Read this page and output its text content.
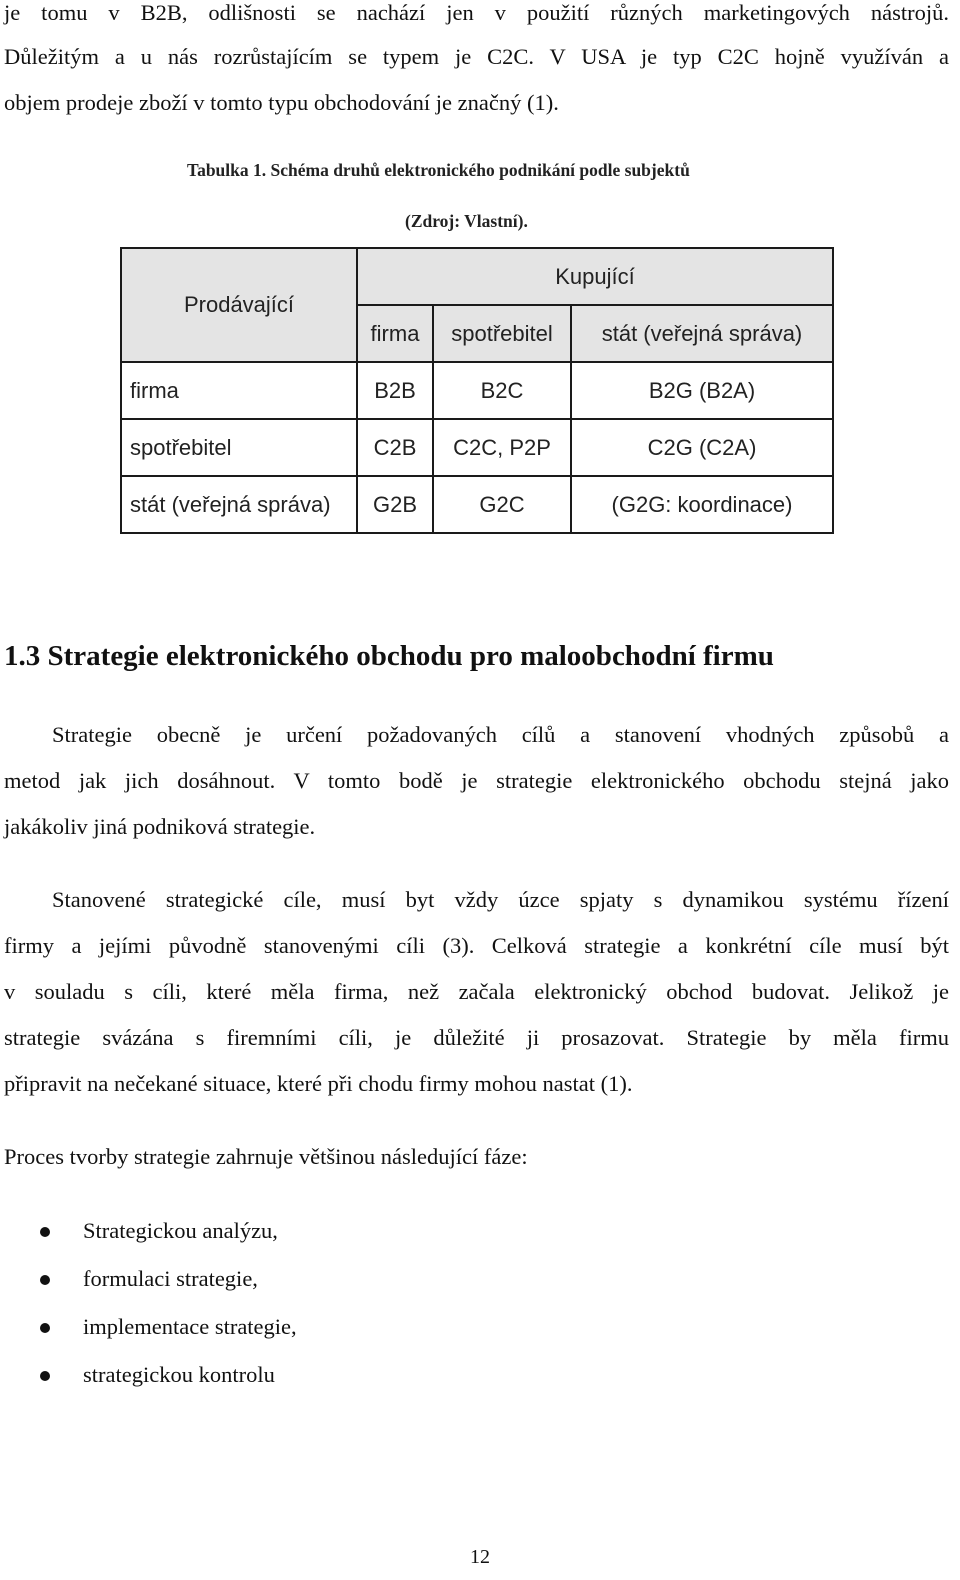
je tomu v B2B, odlišnosti se nachází jen v použití různých marketingových nástrojů.
Důležitým a u nás rozrůstajícím se typem je C2C. V USA je typ C2C hojně využíván a
objem prodeje zboží v tomto typu obchodování je značný (1).
Tabulka 1. Schéma druhů elektronického podnikání podle subjektů
(Zdroj: Vlastní).
Prodávající	Kupující			
	firma	spotřebitel	stát (veřejná správa)	
firma	B2B	B2C	B2G (B2A)	
spotřebitel	C2B	C2C, P2P	C2G (C2A)	
stát (veřejná správa)	G2B	G2C	(G2G: koordinace)	
1.3 Strategie elektronického obchodu pro maloobchodní firmu
Strategie obecně je určení požadovaných cílů a stanovení vhodných způsobů a
metod jak jich dosáhnout. V tomto bodě je strategie elektronického obchodu stejná jako
jakákoliv jiná podniková strategie.
Stanovené strategické cíle, musí byt vždy úzce spjaty s dynamikou systému řízení
firmy a jejími původně stanovenými cíli (3). Celková strategie a konkrétní cíle musí být
v souladu s cíli, které měla firma, než začala elektronický obchod budovat. Jelikož je
strategie svázána s firemními cíli, je důležité ji prosazovat. Strategie by měla firmu
připravit na nečekané situace, které při chodu firmy mohou nastat (1).
Proces tvorby strategie zahrnuje většinou následující fáze:
Strategickou analýzu,
formulaci strategie,
implementace strategie,
strategickou kontrolu
12
